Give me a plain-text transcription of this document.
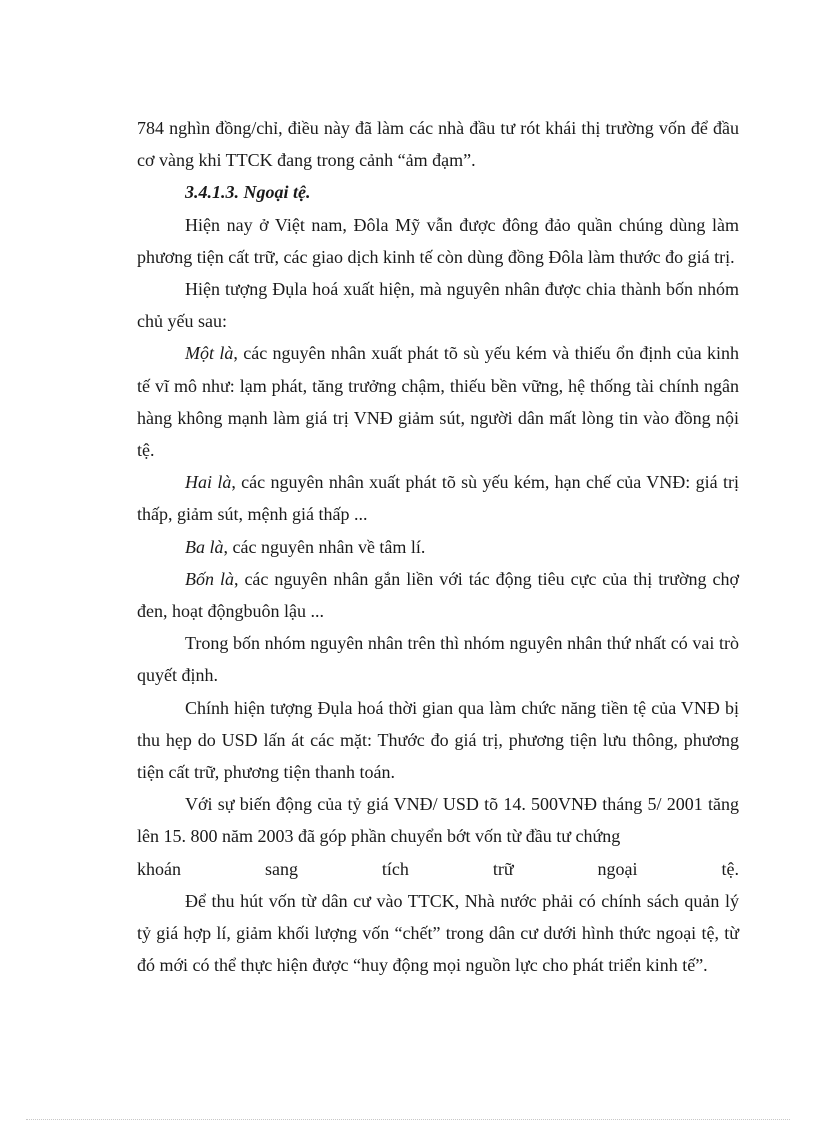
784 nghìn đồng/chỉ, điều này đã làm các nhà đầu tư rót khái thị trường vốn để đầu cơ vàng khi TTCK đang trong cảnh “ảm đạm”.

3.4.1.3. Ngoại tệ.

Hiện nay ở Việt nam, Đôla Mỹ vẫn được đông đảo quần chúng dùng làm phương tiện cất trữ, các giao dịch kinh tế còn dùng đồng Đôla làm thước đo giá trị.

Hiện tượng Đụla hoá xuất hiện, mà nguyên nhân được chia thành bốn nhóm chủ yếu sau:

Một là, các nguyên nhân xuất phát tõ sù yếu kém và thiếu ổn định của kinh tế vĩ mô như: lạm phát, tăng trưởng chậm, thiếu bền vững, hệ thống tài chính ngân hàng không mạnh làm giá trị VNĐ giảm sút, người dân mất lòng tin vào đồng nội tệ.

Hai là, các nguyên nhân xuất phát tõ sù yếu kém, hạn chế của VNĐ: giá trị thấp, giảm sút, mệnh giá thấp ...

Ba là, các nguyên nhân về tâm lí.

Bốn là, các nguyên nhân gắn liền với tác động tiêu cực của thị trường chợ đen, hoạt độngbuôn lậu ...

Trong bốn nhóm nguyên nhân trên thì nhóm nguyên nhân thứ nhất có vai trò quyết định.

Chính hiện tượng Đụla hoá thời gian qua làm chức năng tiền tệ của VNĐ bị thu hẹp do USD lấn át các mặt: Thước đo giá trị, phương tiện lưu thông, phương tiện cất trữ, phương tiện thanh toán.

Với sự biến động của tỷ giá VNĐ/ USD tõ 14. 500VNĐ tháng 5/ 2001 tăng lên 15. 800 năm 2003 đã góp phần chuyển bớt vốn từ đầu tư chứng

khoán sang tích trữ ngoại tệ.

Để thu hút vốn từ dân cư vào TTCK, Nhà nước phải có chính sách quản lý tỷ giá hợp lí, giảm khối lượng vốn “chết” trong dân cư dưới hình thức ngoại tệ, từ đó mới có thể thực hiện được “huy động mọi nguồn lực cho phát triển kinh tế”.
